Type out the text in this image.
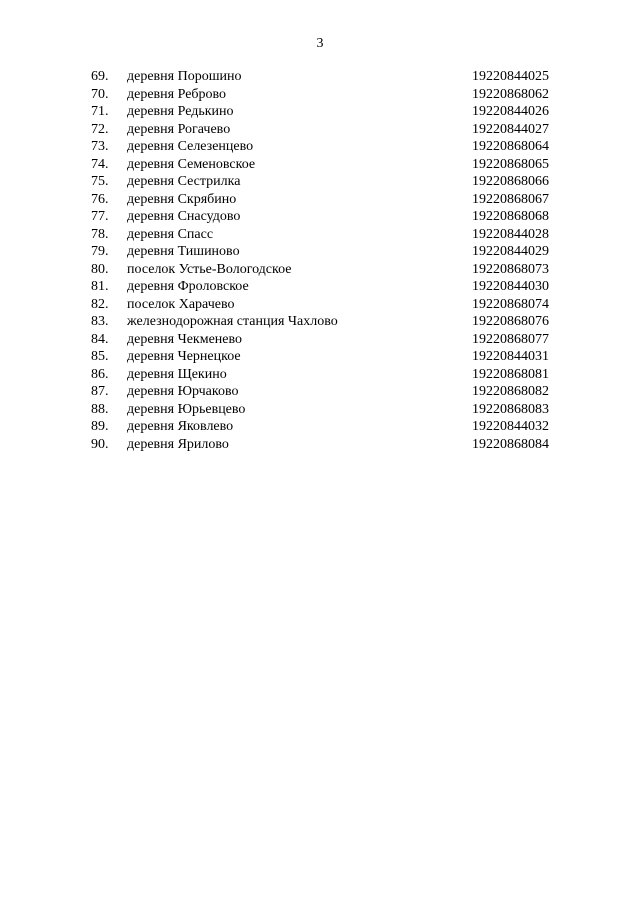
3
69. деревня Порошино	19220844025
70. деревня Реброво	19220868062
71. деревня Редькино	19220844026
72. деревня Рогачево	19220844027
73. деревня Селезенцево	19220868064
74. деревня Семеновское	19220868065
75. деревня Сестрилка	19220868066
76. деревня Скрябино	19220868067
77. деревня Снасудово	19220868068
78. деревня Спасс	19220844028
79. деревня Тишиново	19220844029
80. поселок Устье-Вологодское	19220868073
81. деревня Фроловское	19220844030
82. поселок Харачево	19220868074
83. железнодорожная станция Чахлово	19220868076
84. деревня Чекменево	19220868077
85. деревня Чернецкое	19220844031
86. деревня Щекино	19220868081
87. деревня Юрчаково	19220868082
88. деревня Юрьевцево	19220868083
89. деревня Яковлево	19220844032
90. деревня Ярилово	19220868084
